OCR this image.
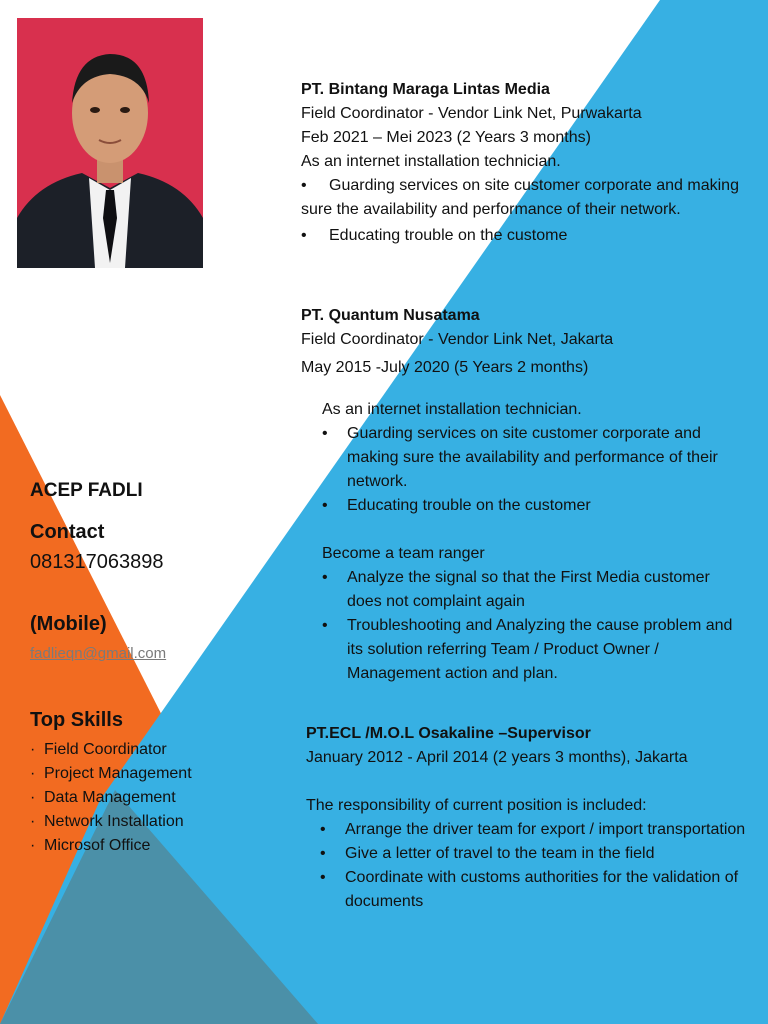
ACEP FADLI
Contact
081317063898
(Mobile)
fadlieqn@gmail.com
Top Skills
· Field Coordinator
· Project Management
· Data Management
· Network Installation
· Microsof Office

PT. Bintang Maraga Lintas Media

Field Coordinator - Vendor Link Net, Purwakarta

Feb 2021 – Mei 2023 (2 Years 3 months)

As an internet installation technician.

• Guarding services on site customer corporate and making sure the availability and performance of their network.
• Educating trouble on the custome

PT. Quantum Nusatama

Field Coordinator - Vendor Link Net, Jakarta

May 2015 -July 2020 (5 Years 2 months)

As an internet installation technician.

• Guarding services on site customer corporate and making sure the availability and performance of their network.
• Educating trouble on the customer

Become a team ranger

• Analyze the signal so that the First Media customer does not complaint again
• Troubleshooting and Analyzing the cause problem and its solution referring Team / Product Owner / Management action and plan.

PT.ECL /M.O.L Osakaline –Supervisor

January 2012 - April 2014 (2 years 3 months), Jakarta

The responsibility of current position is included:

• Arrange the driver team for export / import transportation
• Give a letter of travel to the team in the field
• Coordinate with customs authorities for the validation of documents
